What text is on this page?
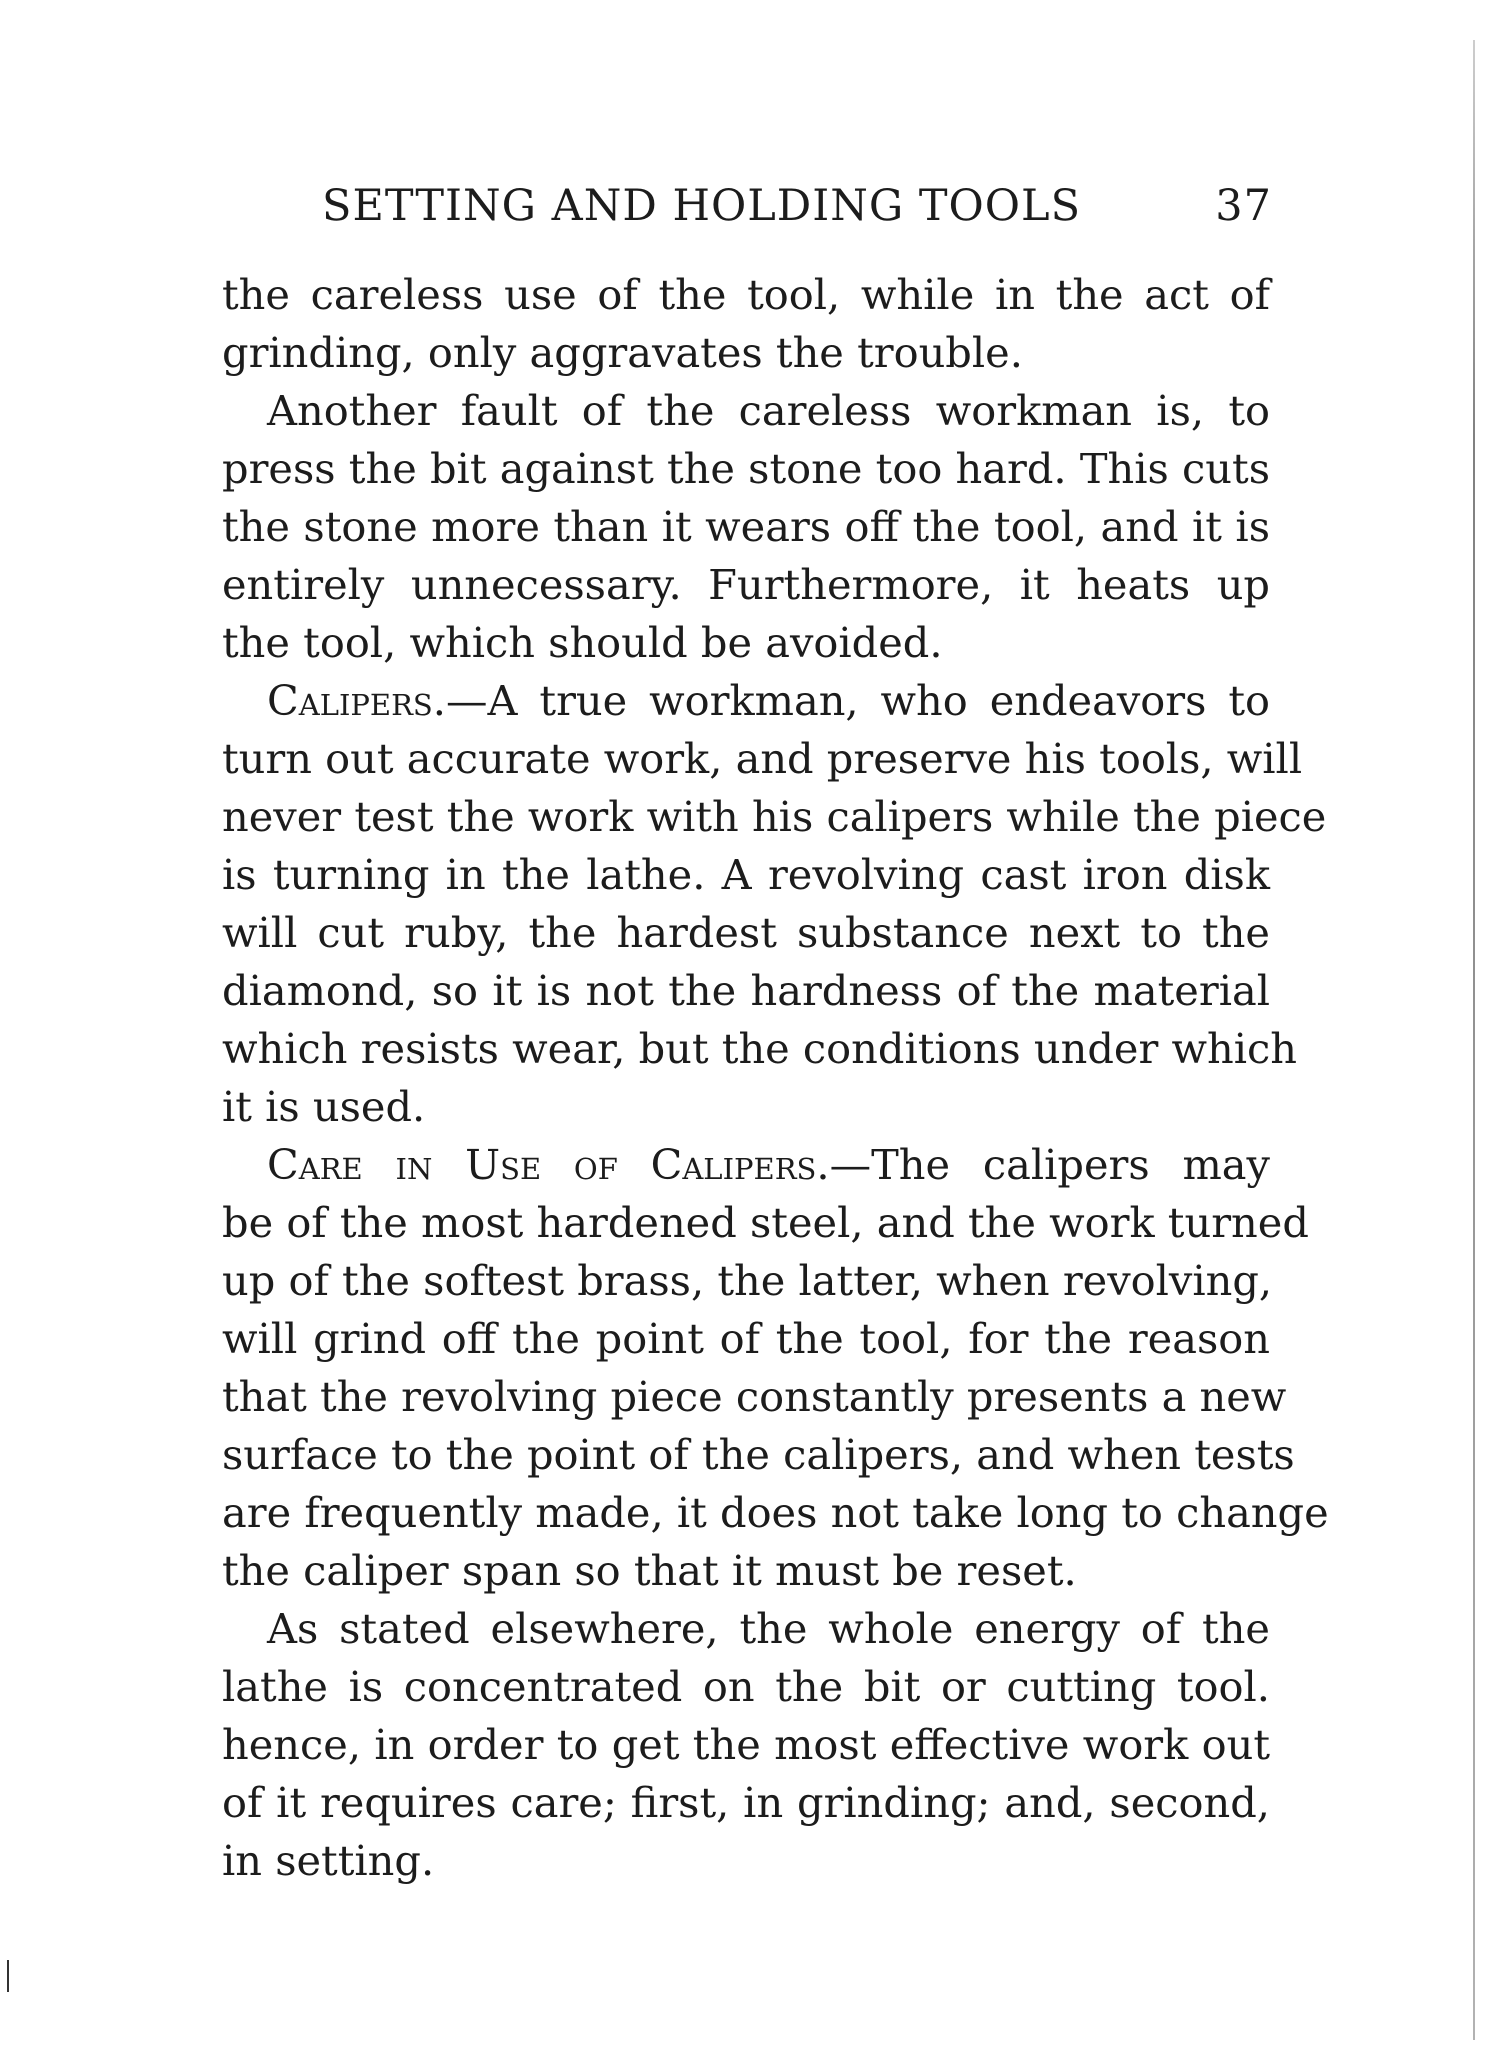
SETTING AND HOLDING TOOLS	37
the careless use of the tool, while in the act of
grinding, only aggravates the trouble.
Another fault of the careless workman is, to
press the bit against the stone too hard. This cuts
the stone more than it wears off the tool, and it is
entirely unnecessary. Furthermore, it heats up
the tool, which should be avoided.
Calipers.—A true workman, who endeavors to
turn out accurate work, and preserve his tools, will
never test the work with his calipers while the piece
is turning in the lathe. A revolving cast iron disk
will cut ruby, the hardest substance next to the
diamond, so it is not the hardness of the material
which resists wear, but the conditions under which
it is used.
Care in Use of Calipers.—The calipers may
be of the most hardened steel, and the work turned
up of the softest brass, the latter, when revolving,
will grind off the point of the tool, for the reason
that the revolving piece constantly presents a new
surface to the point of the calipers, and when tests
are frequently made, it does not take long to change
the caliper span so that it must be reset.
As stated elsewhere, the whole energy of the
lathe is concentrated on the bit or cutting tool.
hence, in order to get the most effective work out
of it requires care; first, in grinding; and, second,
in setting.
